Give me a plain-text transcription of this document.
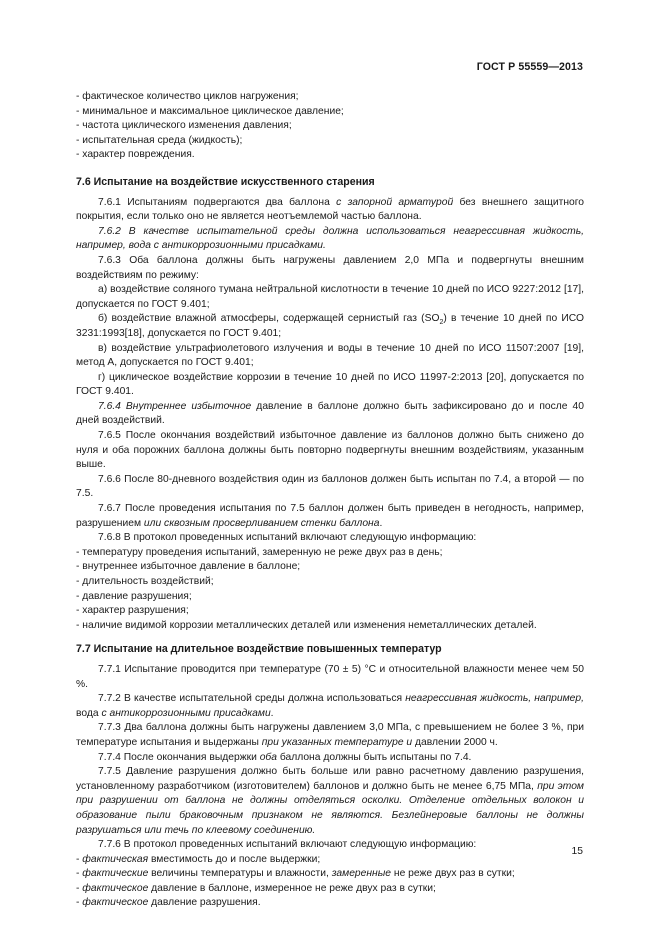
ГОСТ Р 55559—2013
- фактическое количество циклов нагружения;
- минимальное и максимальное циклическое давление;
- частота циклического изменения давления;
- испытательная среда (жидкость);
- характер повреждения.
7.6 Испытание на воздействие искусственного старения

7.6.1 Испытаниям подвергаются два баллона с запорной арматурой без внешнего защитного покрытия, если только оно не является неотъемлемой частью баллона.

7.6.2 В качестве испытательной среды должна использоваться неагрессивная жидкость, например, вода с антикоррозионными присадками.

7.6.3 Оба баллона должны быть нагружены давлением 2,0 МПа и подвергнуты внешним воздействиям по режиму:

а) воздействие соляного тумана нейтральной кислотности в течение 10 дней по ИСО 9227:2012 [17], допускается по ГОСТ 9.401;

б) воздействие влажной атмосферы, содержащей сернистый газ $(SO_2)$ в течение 10 дней по ИСО 3231:1993[18], допускается по ГОСТ 9.401;

в) воздействие ультрафиолетового излучения и воды в течение 10 дней по ИСО 11507:2007 [19], метод А, допускается по ГОСТ 9.401;

г) циклическое воздействие коррозии в течение 10 дней по ИСО 11997-2:2013 [20], допускается по ГОСТ 9.401.

7.6.4 Внутреннее избыточное давление в баллоне должно быть зафиксировано до и после 40 дней воздействий.

7.6.5 После окончания воздействий избыточное давление из баллонов должно быть снижено до нуля и оба порожних баллона должны быть повторно подвергнуты внешним воздействиям, указанным выше.

7.6.6 После 80-дневного воздействия один из баллонов должен быть испытан по 7.4, а второй — по 7.5.

7.6.7 После проведения испытания по 7.5 баллон должен быть приведен в негодность, например, разрушением или сквозным просверливанием стенки баллона.

7.6.8 В протокол проведенных испытаний включают следующую информацию:

- температуру проведения испытаний, замеренную не реже двух раз в день;
- внутреннее избыточное давление в баллоне;
- длительность воздействий;
- давление разрушения;
- характер разрушения;
- наличие видимой коррозии металлических деталей или изменения неметаллических деталей.
7.7 Испытание на длительное воздействие повышенных температур

7.7.1 Испытание проводится при температуре (70 ± 5) °С и относительной влажности менее чем 50 %.

7.7.2 В качестве испытательной среды должна использоваться неагрессивная жидкость, например, вода с антикоррозионными присадками.

7.7.3 Два баллона должны быть нагружены давлением 3,0 МПа, с превышением не более 3 %, при температуре испытания и выдержаны при указанных температуре и давлении 2000 ч.

7.7.4 После окончания выдержки оба баллона должны быть испытаны по 7.4.

7.7.5 Давление разрушения должно быть больше или равно расчетному давлению разрушения, установленному разработчиком (изготовителем) баллонов и должно быть не менее 6,75 МПа, при этом при разрушении от баллона не должны отделяться осколки. Отделение отдельных волокон и образование пыли браковочным признаком не являются. Безлейнеровые баллоны не должны разрушаться или течь по клеевому соединению.

7.7.6 В протокол проведенных испытаний включают следующую информацию:

- фактическая вместимость до и после выдержки;
- фактические величины температуры и влажности, замеренные не реже двух раз в сутки;
- фактическое давление в баллоне, измеренное не реже двух раз в сутки;
- фактическое давление разрушения.
15
